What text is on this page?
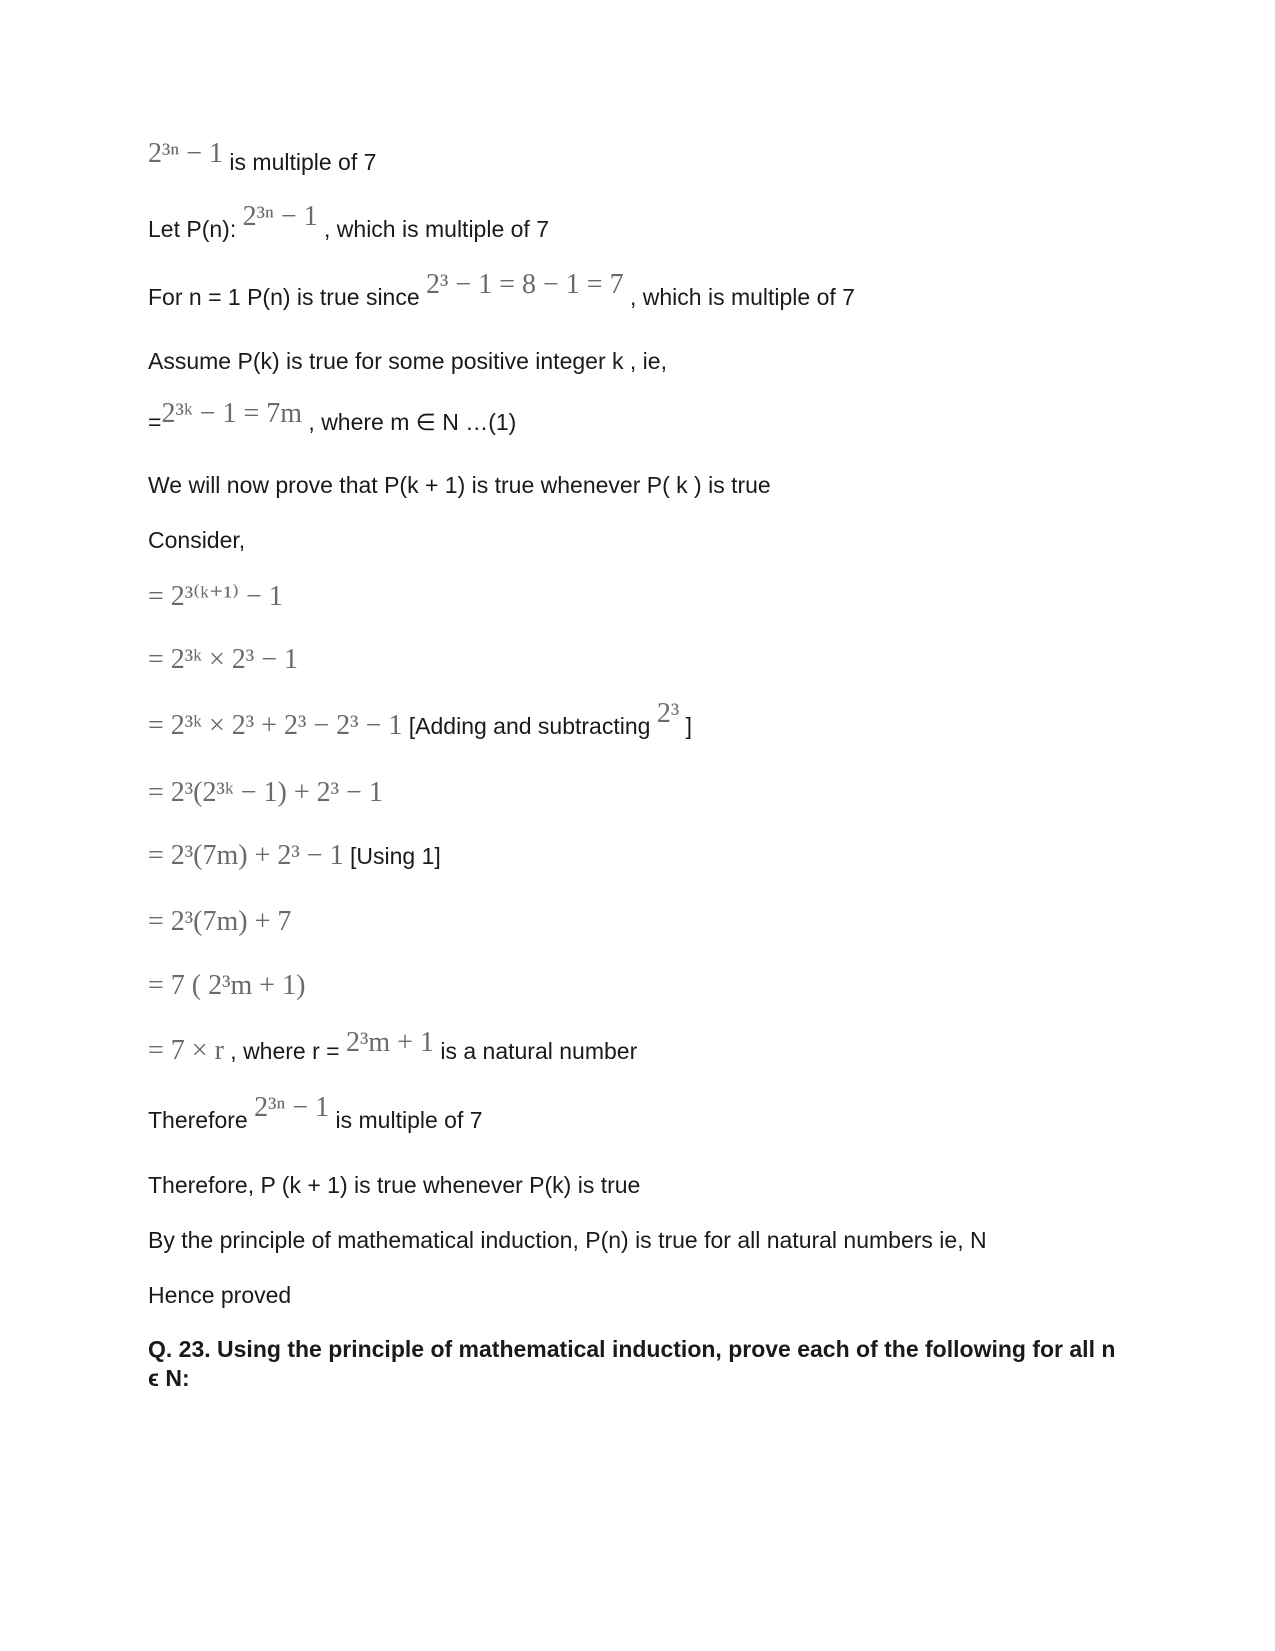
2³ⁿ − 1 is multiple of 7
Let P(n): 2³ⁿ − 1 , which is multiple of 7
For n = 1 P(n) is true since 2³ − 1 = 8 − 1 = 7 , which is multiple of 7
Assume P(k) is true for some positive integer k , ie,
=2³ᵏ − 1 = 7m , where m ∈ N …(1)
We will now prove that P(k + 1) is true whenever P( k ) is true
Consider,
= 2³⁽ᵏ⁺¹⁾ − 1
= 2³ᵏ × 2³ − 1
= 2³ᵏ × 2³ + 2³ − 2³ − 1 [Adding and subtracting 2³ ]
= 2³(2³ᵏ − 1) + 2³ − 1
= 2³(7m) + 2³ − 1 [Using 1]
= 2³(7m) + 7
= 7 ( 2³m + 1)
= 7 × r , where r = 2³m + 1 is a natural number
Therefore 2³ⁿ − 1 is multiple of 7
Therefore, P (k + 1) is true whenever P(k) is true
By the principle of mathematical induction, P(n) is true for all natural numbers ie, N
Hence proved
Q. 23. Using the principle of mathematical induction, prove each of the following for all n ϵ N:
